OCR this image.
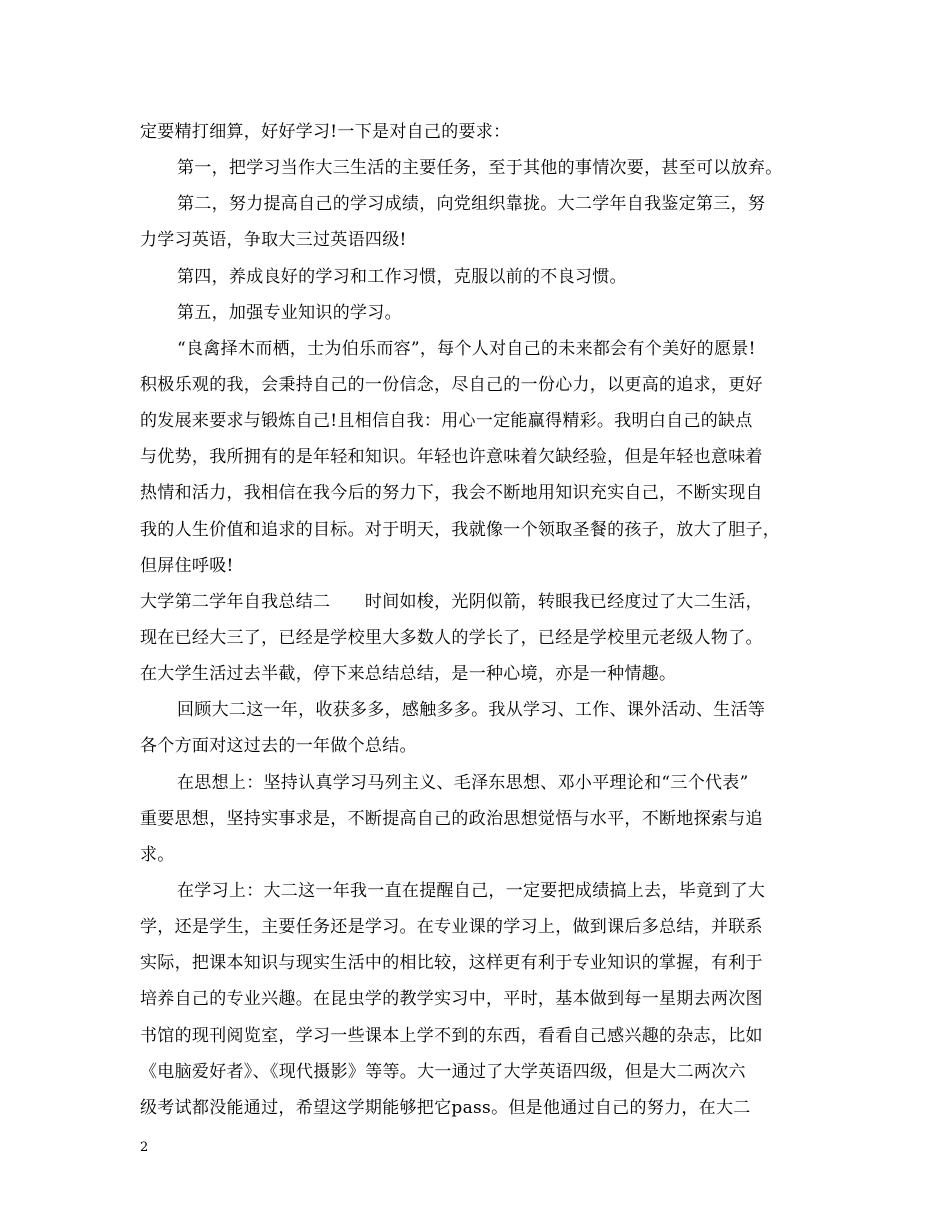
定要精打细算，好好学习!一下是对自己的要求：
第一，把学习当作大三生活的主要任务，至于其他的事情次要，甚至可以放弃。
第二，努力提高自己的学习成绩，向党组织靠拢。大二学年自我鉴定第三，努
力学习英语，争取大三过英语四级!
第四，养成良好的学习和工作习惯，克服以前的不良习惯。
第五，加强专业知识的学习。
“良禽择木而栖，士为伯乐而容”，每个人对自己的未来都会有个美好的愿景!
积极乐观的我，会秉持自己的一份信念，尽自己的一份心力，以更高的追求，更好
的发展来要求与锻炼自己!且相信自我：用心一定能赢得精彩。我明白自己的缺点
与优势，我所拥有的是年轻和知识。年轻也许意味着欠缺经验，但是年轻也意味着
热情和活力，我相信在我今后的努力下，我会不断地用知识充实自己，不断实现自
我的人生价值和追求的目标。对于明天，我就像一个领取圣餐的孩子，放大了胆子，
但屏住呼吸!
大学第二学年自我总结二　　时间如梭，光阴似箭，转眼我已经度过了大二生活，
现在已经大三了，已经是学校里大多数人的学长了，已经是学校里元老级人物了。
在大学生活过去半截，停下来总结总结，是一种心境，亦是一种情趣。
回顾大二这一年，收获多多，感触多多。我从学习、工作、课外活动、生活等
各个方面对这过去的一年做个总结。
在思想上：坚持认真学习马列主义、毛泽东思想、邓小平理论和“三个代表”
重要思想，坚持实事求是，不断提高自己的政治思想觉悟与水平，不断地探索与追
求。
在学习上：大二这一年我一直在提醒自己，一定要把成绩搞上去，毕竟到了大
学，还是学生，主要任务还是学习。在专业课的学习上，做到课后多总结，并联系
实际，把课本知识与现实生活中的相比较，这样更有利于专业知识的掌握，有利于
培养自己的专业兴趣。在昆虫学的教学实习中，平时，基本做到每一星期去两次图
书馆的现刊阅览室，学习一些课本上学不到的东西，看看自己感兴趣的杂志，比如
《电脑爱好者》、《现代摄影》等等。大一通过了大学英语四级，但是大二两次六
级考试都没能通过，希望这学期能够把它pass。但是他通过自己的努力，在大二
2
